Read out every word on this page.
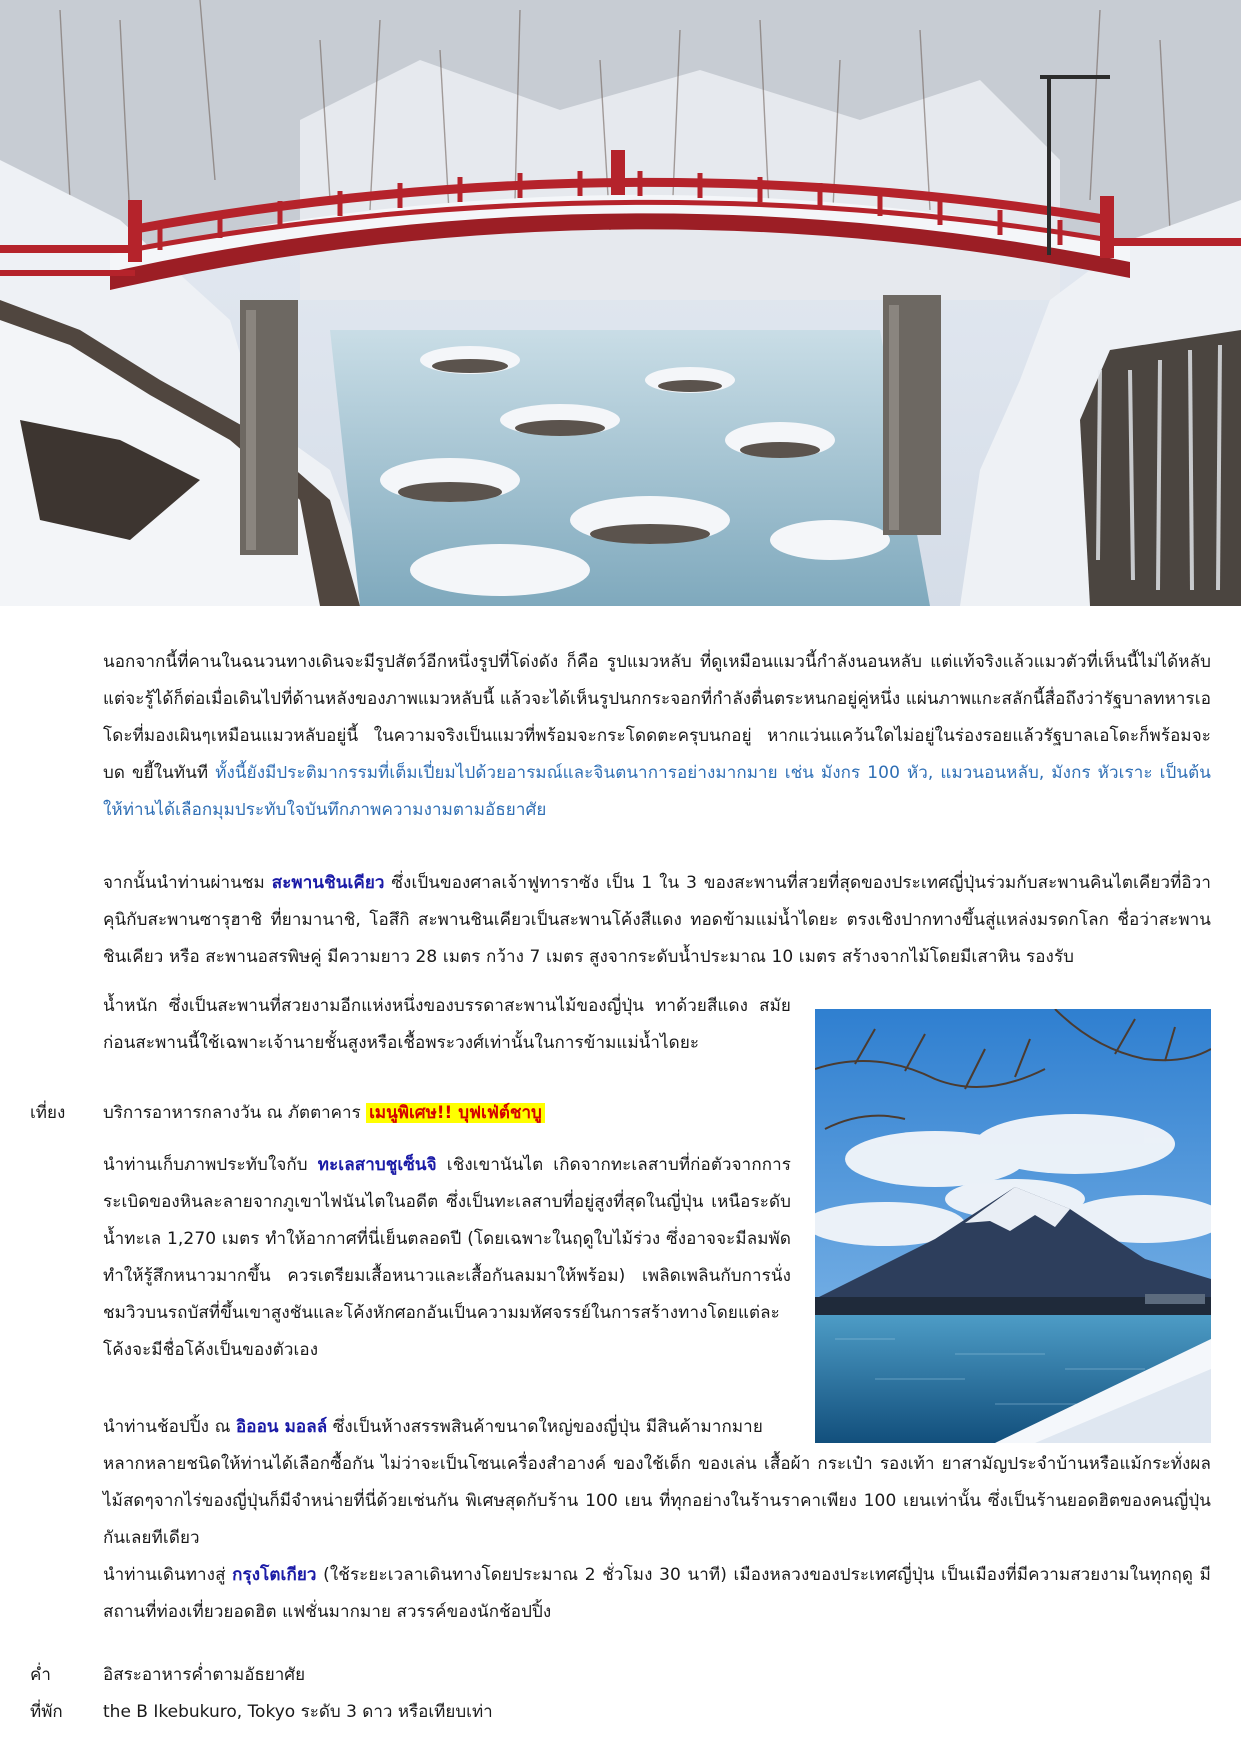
นอกจากนี้ที่คานในฉนวนทางเดินจะมีรูปสัตว์อีกหนึ่งรูปที่โด่งดัง ก็คือ รูปแมวหลับ ที่ดูเหมือนแมวนี้กำลังนอนหลับ แต่แท้จริงแล้วแมวตัวที่เห็นนี้ไม่ได้หลับ แต่จะรู้ได้ก็ต่อเมื่อเดินไปที่ด้านหลังของภาพแมวหลับนี้ แล้วจะได้เห็นรูปนกกระจอกที่กำลังตื่นตระหนกอยู่คู่หนึ่ง แผ่นภาพแกะสลักนี้สื่อถึงว่ารัฐบาลทหารเอโดะที่มองเผินๆเหมือนแมวหลับอยู่นี้ ในความจริงเป็นแมวที่พร้อมจะกระโดดตะครุบนกอยู่ หากแว่นแคว้นใดไม่อยู่ในร่องรอยแล้วรัฐบาลเอโดะก็พร้อมจะบด ขยี้ในทันที ทั้งนี้ยังมีประติมากรรมที่เต็มเปี่ยมไปด้วยอารมณ์และจินตนาการอย่างมากมาย เช่น มังกร 100 หัว, แมวนอนหลับ, มังกร หัวเราะ เป็นต้น ให้ท่านได้เลือกมุมประทับใจบันทึกภาพความงามตามอัธยาศัย
จากนั้นนำท่านผ่านชม สะพานชินเคียว ซึ่งเป็นของศาลเจ้าฟูทาราซัง เป็น 1 ใน 3 ของสะพานที่สวยที่สุดของประเทศญี่ปุ่นร่วมกับสะพานคินไตเคียวที่อิวาคุนิกับสะพานซารุฮาชิ ที่ยามานาชิ, โอสึกิ สะพานชินเคียวเป็นสะพานโค้งสีแดง ทอดข้ามแม่น้ำไดยะ ตรงเชิงปากทางขึ้นสู่แหล่งมรดกโลก ชื่อว่าสะพานชินเคียว หรือ สะพานอสรพิษคู่ มีความยาว 28 เมตร กว้าง 7 เมตร สูงจากระดับน้ำประมาณ 10 เมตร สร้างจากไม้โดยมีเสาหิน รองรับ
น้ำหนัก ซึ่งเป็นสะพานที่สวยงามอีกแห่งหนึ่งของบรรดาสะพานไม้ของญี่ปุ่น ทาด้วยสีแดง สมัยก่อนสะพานนี้ใช้เฉพาะเจ้านายชั้นสูงหรือเชื้อพระวงศ์เท่านั้นในการข้ามแม่น้ำไดยะ
เที่ยง	บริการอาหารกลางวัน ณ ภัตตาคาร เมนูพิเศษ!! บุฟเฟ่ต์ชาบู
นำท่านเก็บภาพประทับใจกับ ทะเลสาบชูเซ็นจิ เชิงเขานันไต เกิดจากทะเลสาบที่ก่อตัวจากการระเบิดของหินละลายจากภูเขาไฟนันไตในอดีต ซึ่งเป็นทะเลสาบที่อยู่สูงที่สุดในญี่ปุ่น เหนือระดับน้ำทะเล 1,270 เมตร ทำให้อากาศที่นี่เย็นตลอดปี (โดยเฉพาะในฤดูใบไม้ร่วง ซึ่งอาจจะมีลมพัด ทำให้รู้สึกหนาวมากขึ้น ควรเตรียมเสื้อหนาวและเสื้อกันลมมาให้พร้อม) เพลิดเพลินกับการนั่งชมวิวบนรถบัสที่ขึ้นเขาสูงชันและโค้งหักศอกอันเป็นความมหัศจรรย์ในการสร้างทางโดยแต่ละโค้งจะมีชื่อโค้งเป็นของตัวเอง
นำท่านช้อปปิ้ง ณ อิออน มอลล์ ซึ่งเป็นห้างสรรพสินค้าขนาดใหญ่ของญี่ปุ่น มีสินค้ามากมาย
หลากหลายชนิดให้ท่านได้เลือกซื้อกัน ไม่ว่าจะเป็นโซนเครื่องสำอางค์ ของใช้เด็ก ของเล่น เสื้อผ้า กระเป๋า รองเท้า ยาสามัญประจำบ้านหรือแม้กระทั่งผลไม้สดๆจากไร่ของญี่ปุ่นก็มีจำหน่ายที่นี่ด้วยเช่นกัน พิเศษสุดกับร้าน 100 เยน ที่ทุกอย่างในร้านราคาเพียง 100 เยนเท่านั้น ซึ่งเป็นร้านยอดฮิตของคนญี่ปุ่นกันเลยทีเดียว
นำท่านเดินทางสู่ กรุงโตเกียว (ใช้ระยะเวลาเดินทางโดยประมาณ 2 ชั่วโมง 30 นาที) เมืองหลวงของประเทศญี่ปุ่น เป็นเมืองที่มีความสวยงามในทุกฤดู มีสถานที่ท่องเที่ยวยอดฮิต แฟชั่นมากมาย สวรรค์ของนักช้อปปิ้ง
ค่ำ	อิสระอาหารค่ำตามอัธยาศัย
ที่พัก	the B Ikebukuro, Tokyo ระดับ 3 ดาว หรือเทียบเท่า
